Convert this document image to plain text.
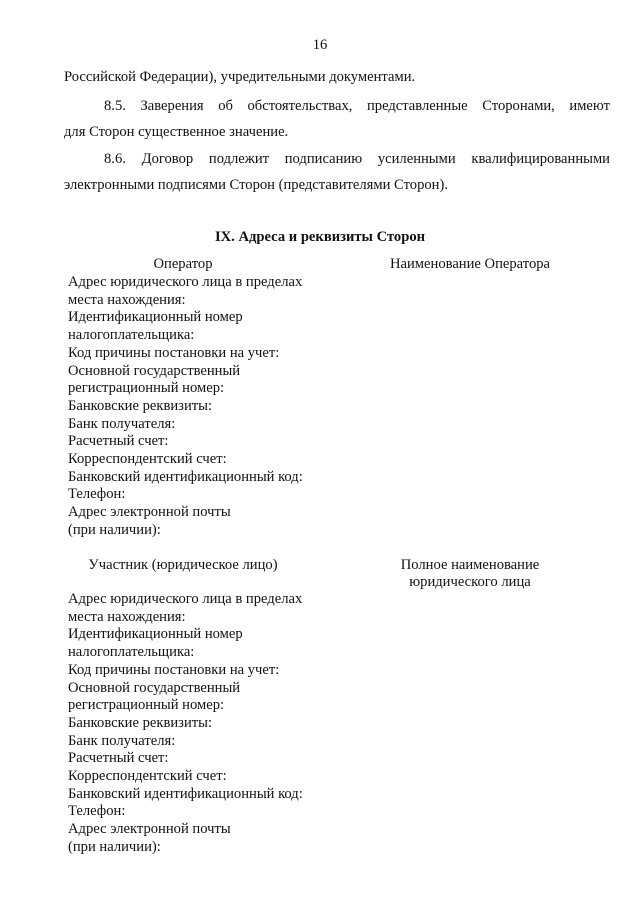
16
Российской Федерации), учредительными документами.
8.5. Заверения об обстоятельствах, представленные Сторонами, имеют
для Сторон существенное значение.
8.6. Договор подлежит подписанию усиленными квалифицированными
электронными подписями Сторон (представителями Сторон).
IX. Адреса и реквизиты Сторон
Оператор	Наименование Оператора
Адрес юридического лица в пределах
места нахождения:
Идентификационный номер
налогоплательщика:
Код причины постановки на учет:
Основной государственный
регистрационный номер:
Банковские реквизиты:
Банк получателя:
Расчетный счет:
Корреспондентский счет:
Банковский идентификационный код:
Телефон:
Адрес электронной почты
(при наличии):
Участник (юридическое лицо)	Полное наименование
юридического лица
Адрес юридического лица в пределах
места нахождения:
Идентификационный номер
налогоплательщика:
Код причины постановки на учет:
Основной государственный
регистрационный номер:
Банковские реквизиты:
Банк получателя:
Расчетный счет:
Корреспондентский счет:
Банковский идентификационный код:
Телефон:
Адрес электронной почты
(при наличии):
